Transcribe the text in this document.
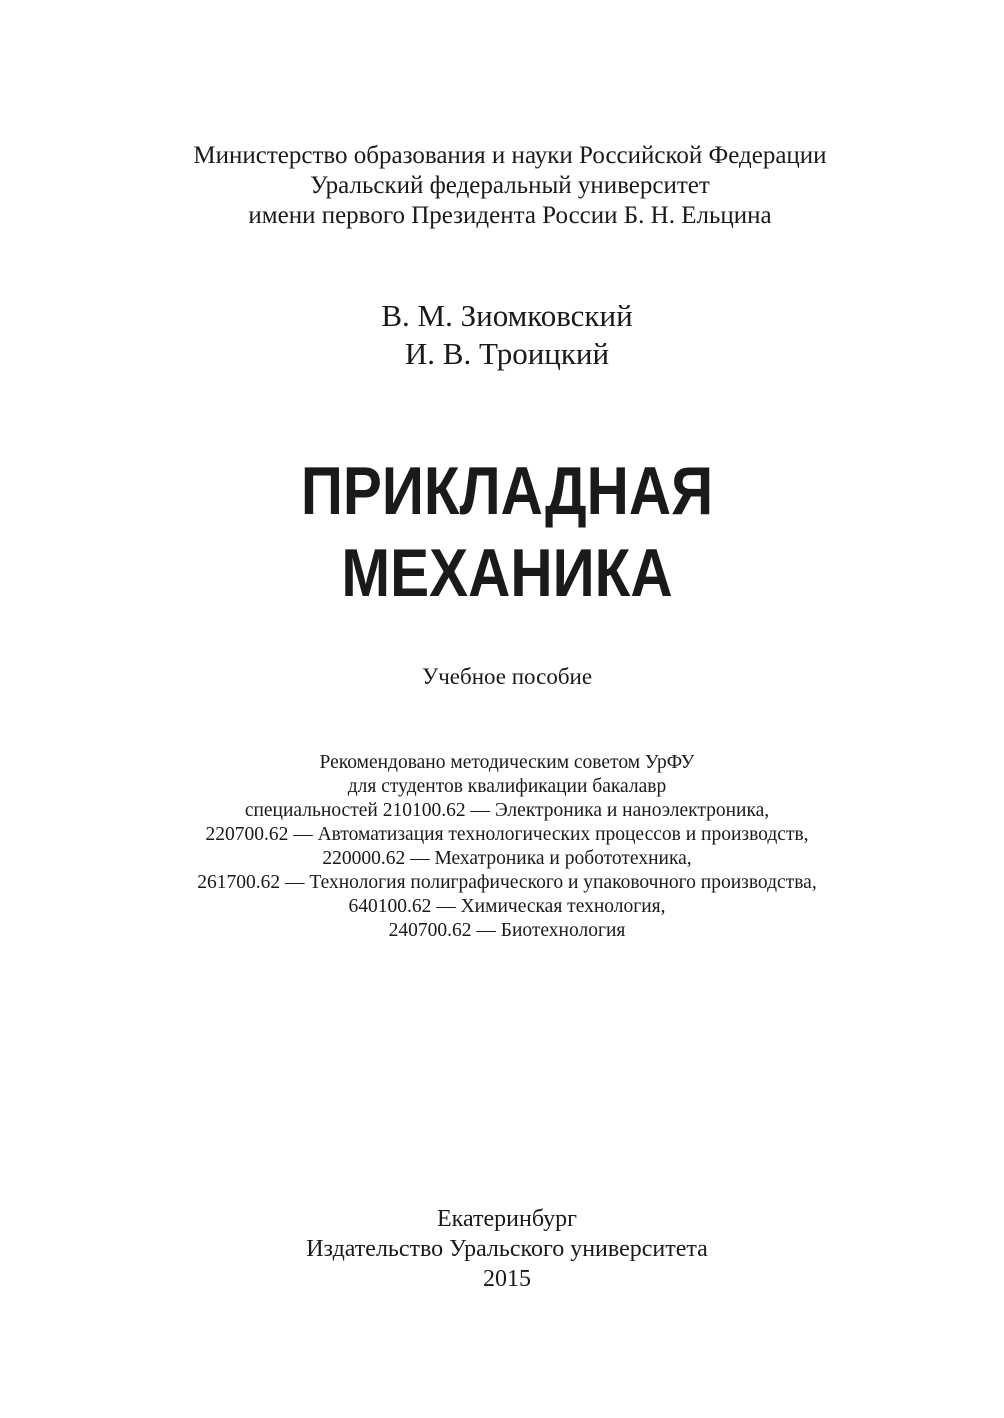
Министерство образования и науки Российской Федерации
Уральский федеральный университет
имени первого Президента России Б. Н. Ельцина
В. М. Зиомковский
И. В. Троицкий
ПРИКЛАДНАЯ
МЕХАНИКА
Учебное пособие
Рекомендовано методическим советом УрФУ
для студентов квалификации бакалавр
специальностей 210100.62 — Электроника и наноэлектроника,
220700.62 — Автоматизация технологических процессов и производств,
220000.62 — Мехатроника и робототехника,
261700.62 — Технология полиграфического и упаковочного производства,
640100.62 — Химическая технология,
240700.62 — Биотехнология
Екатеринбург
Издательство Уральского университета
2015
